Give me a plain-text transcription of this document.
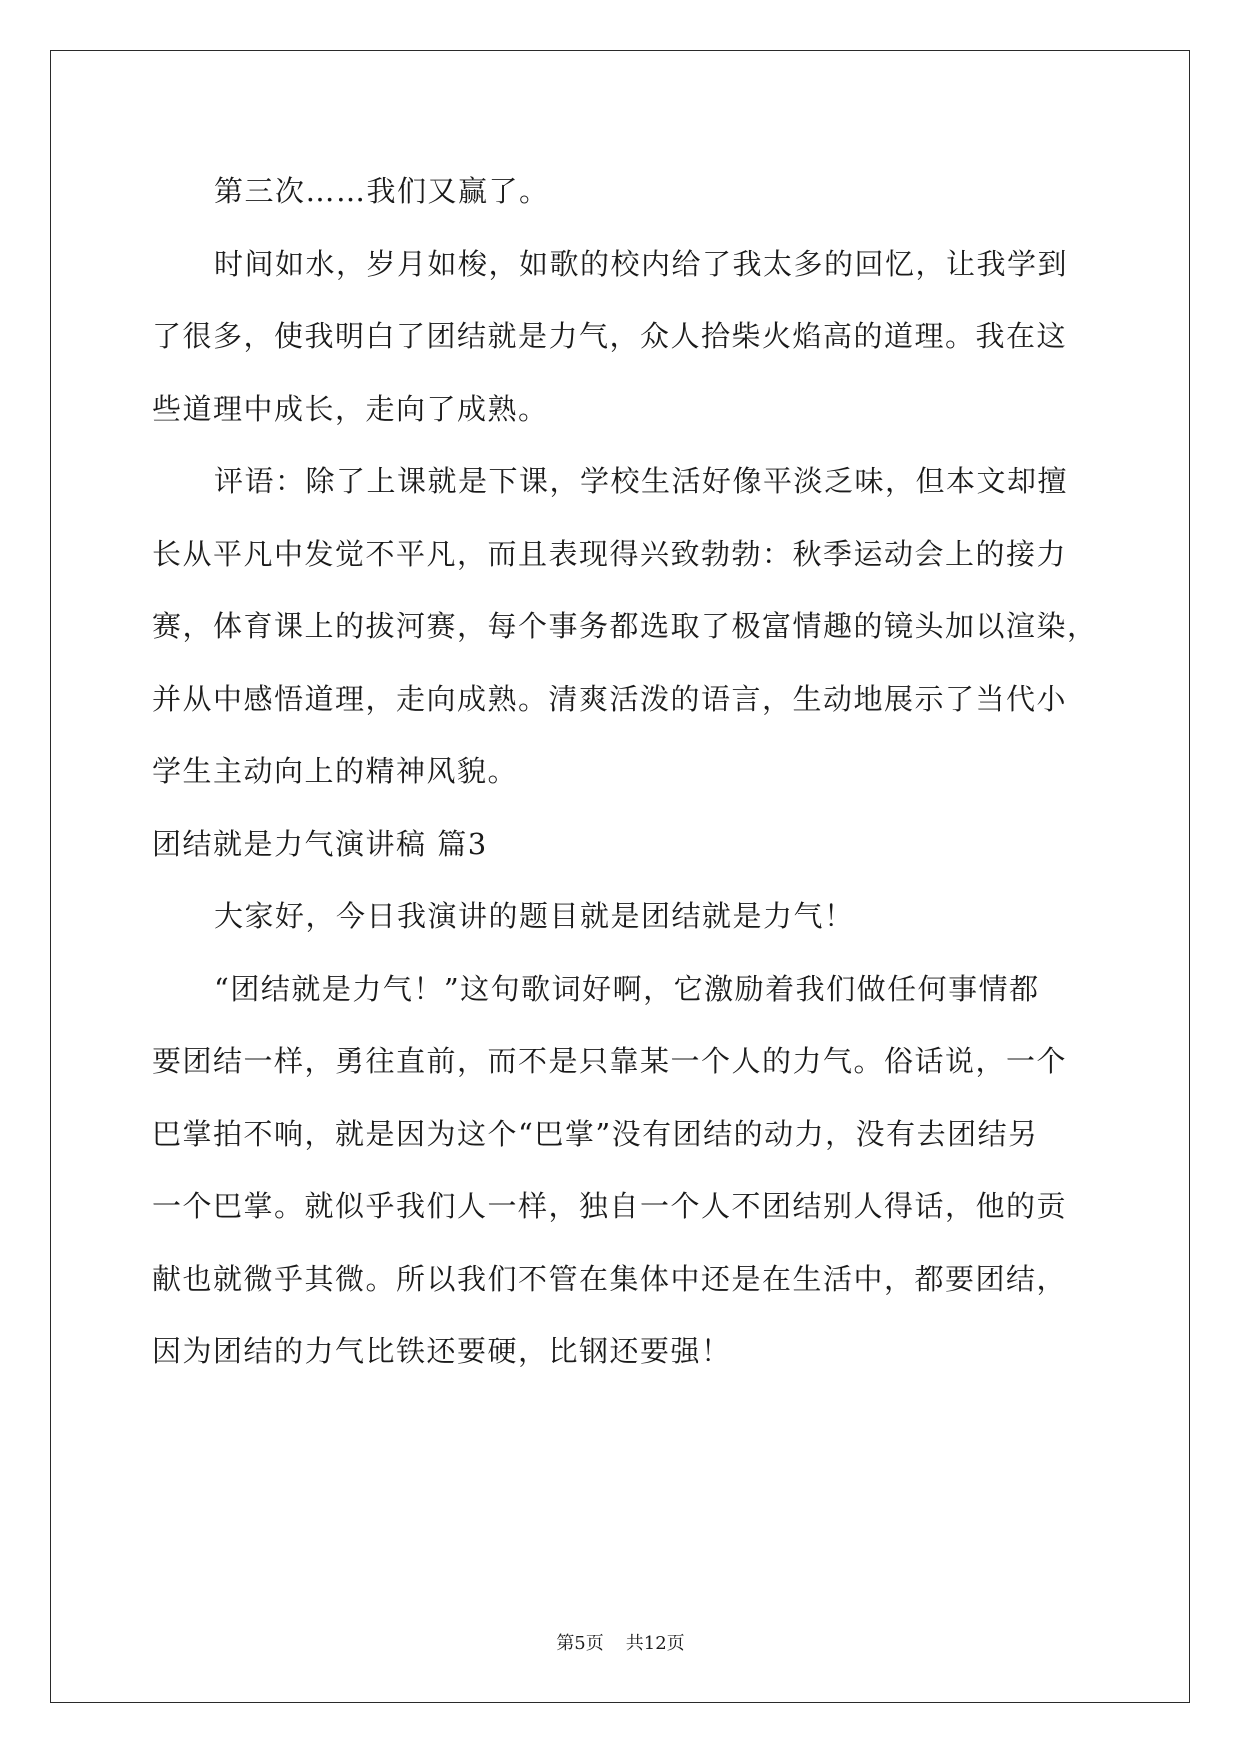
第三次……我们又赢了。
时间如水，岁月如梭，如歌的校内给了我太多的回忆，让我学到
了很多，使我明白了团结就是力气，众人拾柴火焰高的道理。我在这
些道理中成长，走向了成熟。
评语：除了上课就是下课，学校生活好像平淡乏味，但本文却擅
长从平凡中发觉不平凡，而且表现得兴致勃勃：秋季运动会上的接力
赛，体育课上的拔河赛，每个事务都选取了极富情趣的镜头加以渲染，
并从中感悟道理，走向成熟。清爽活泼的语言，生动地展示了当代小
学生主动向上的精神风貌。
团结就是力气演讲稿 篇3
大家好，今日我演讲的题目就是团结就是力气！
“团结就是力气！”这句歌词好啊，它激励着我们做任何事情都
要团结一样，勇往直前，而不是只靠某一个人的力气。俗话说，一个
巴掌拍不响，就是因为这个“巴掌”没有团结的动力，没有去团结另
一个巴掌。就似乎我们人一样，独自一个人不团结别人得话，他的贡
献也就微乎其微。所以我们不管在集体中还是在生活中，都要团结，
因为团结的力气比铁还要硬，比钢还要强！
第5页 共12页
